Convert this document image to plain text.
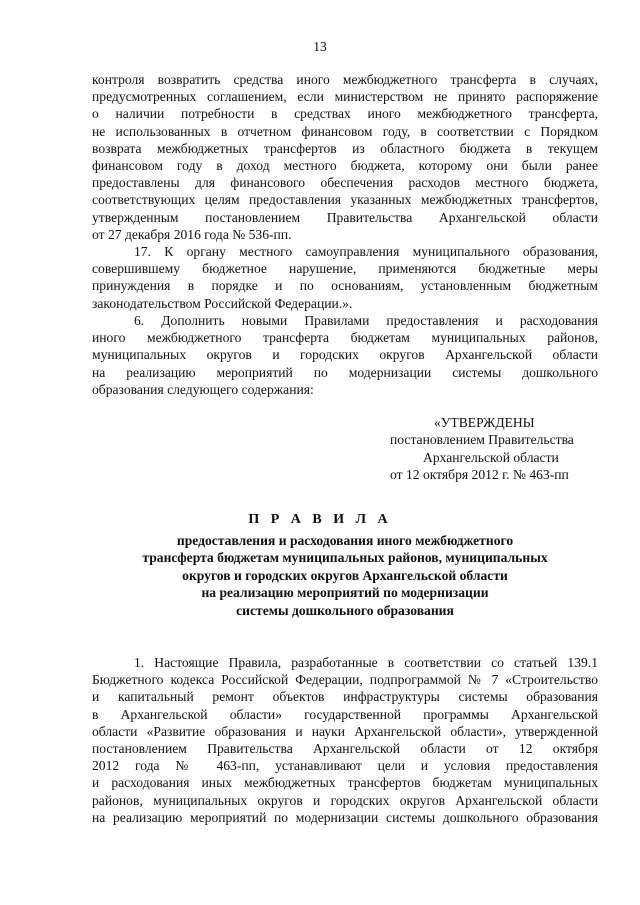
13
контроля возвратить средства иного межбюджетного трансферта в случаях,
предусмотренных соглашением, если министерством не принято распоряжение
о наличии потребности в средствах иного межбюджетного трансферта,
не использованных в отчетном финансовом году, в соответствии с Порядком
возврата межбюджетных трансфертов из областного бюджета в текущем
финансовом году в доход местного бюджета, которому они были ранее
предоставлены для финансового обеспечения расходов местного бюджета,
соответствующих целям предоставления указанных межбюджетных трансфертов,
утвержденным постановлением Правительства Архангельской области
от 27 декабря 2016 года № 536-пп.
17. К органу местного самоуправления муниципального образования,
совершившему бюджетное нарушение, применяются бюджетные меры
принуждения в порядке и по основаниям, установленным бюджетным
законодательством Российской Федерации.».
6. Дополнить новыми Правилами предоставления и расходования
иного межбюджетного трансферта бюджетам муниципальных районов,
муниципальных округов и городских округов Архангельской области
на реализацию мероприятий по модернизации системы дошкольного
образования следующего содержания:
«УТВЕРЖДЕНЫ
постановлением Правительства
Архангельской области
от 12 октября 2012 г. № 463-пп
П Р А В И Л А
предоставления и расходования иного межбюджетного
трансферта бюджетам муниципальных районов, муниципальных
округов и городских округов Архангельской области
на реализацию мероприятий по модернизации
системы дошкольного образования
1. Настоящие Правила, разработанные в соответствии со статьей 139.1
Бюджетного кодекса Российской Федерации, подпрограммой № 7 «Строительство
и капитальный ремонт объектов инфраструктуры системы образования
в Архангельской области» государственной программы Архангельской
области «Развитие образования и науки Архангельской области», утвержденной
постановлением Правительства Архангельской области от 12 октября
2012 года № 463-пп, устанавливают цели и условия предоставления
и расходования иных межбюджетных трансфертов бюджетам муниципальных
районов, муниципальных округов и городских округов Архангельской области
на реализацию мероприятий по модернизации системы дошкольного образования
